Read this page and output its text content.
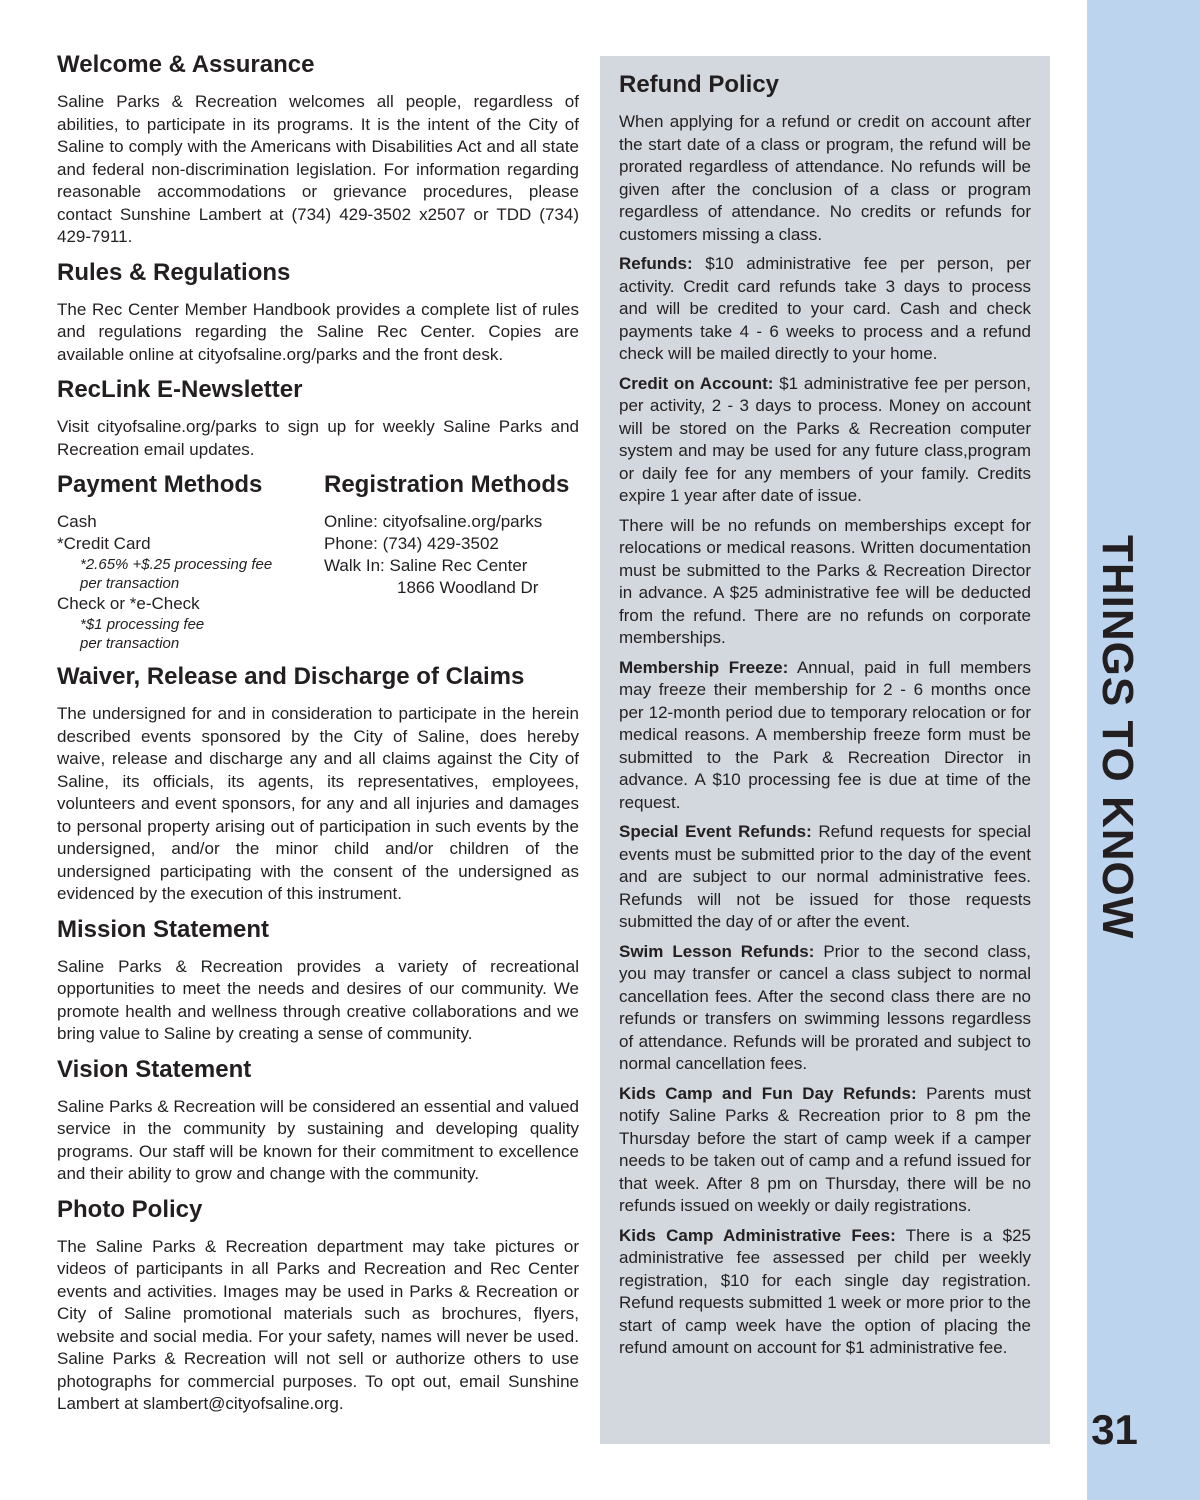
Welcome & Assurance

Saline Parks & Recreation welcomes all people, regardless of abilities, to participate in its programs. It is the intent of the City of Saline to comply with the Americans with Disabilities Act and all state and federal non-discrimination legislation. For information regarding reasonable accommodations or grievance procedures, please contact Sunshine Lambert at (734) 429-3502 x2507 or TDD (734) 429-7911.

Rules & Regulations

The Rec Center Member Handbook provides a complete list of rules and regulations regarding the Saline Rec Center. Copies are available online at cityofsaline.org/parks and the front desk.

RecLink E-Newsletter

Visit cityofsaline.org/parks to sign up for weekly Saline Parks and Recreation email updates.

Payment Methods
Cash
*Credit Card
*2.65% +$.25 processing fee
per transaction
Check or *e-Check
*$1 processing fee
per transaction
Registration Methods
Online: cityofsaline.org/parks
Phone: (734) 429-3502
Walk In: Saline Rec Center
1866 Woodland Dr
Waiver, Release and Discharge of Claims

The undersigned for and in consideration to participate in the herein described events sponsored by the City of Saline, does hereby waive, release and discharge any and all claims against the City of Saline, its officials, its agents, its representatives, employees, volunteers and event sponsors, for any and all injuries and damages to personal property arising out of participation in such events by the undersigned, and/or the minor child and/or children of the undersigned participating with the consent of the undersigned as evidenced by the execution of this instrument.

Mission Statement

Saline Parks & Recreation provides a variety of recreational opportunities to meet the needs and desires of our community. We promote health and wellness through creative collaborations and we bring value to Saline by creating a sense of community.

Vision Statement

Saline Parks & Recreation will be considered an essential and valued service in the community by sustaining and developing quality programs. Our staff will be known for their commitment to excellence and their ability to grow and change with the community.

Photo Policy

The Saline Parks & Recreation department may take pictures or videos of participants in all Parks and Recreation and Rec Center events and activities. Images may be used in Parks & Recreation or City of Saline promotional materials such as brochures, flyers, website and social media. For your safety, names will never be used. Saline Parks & Recreation will not sell or authorize others to use photographs for commercial purposes. To opt out, email Sunshine Lambert at slambert@cityofsaline.org.

Refund Policy

When applying for a refund or credit on account after the start date of a class or program, the refund will be prorated regardless of attendance. No refunds will be given after the conclusion of a class or program regardless of attendance. No credits or refunds for customers missing a class.

Refunds: $10 administrative fee per person, per activity. Credit card refunds take 3 days to process and will be credited to your card. Cash and check payments take 4 - 6 weeks to process and a refund check will be mailed directly to your home.

Credit on Account: $1 administrative fee per person, per activity, 2 - 3 days to process. Money on account will be stored on the Parks & Recreation computer system and may be used for any future class,program or daily fee for any members of your family. Credits expire 1 year after date of issue.

There will be no refunds on memberships except for relocations or medical reasons. Written documentation must be submitted to the Parks & Recreation Director in advance. A $25 administrative fee will be deducted from the refund. There are no refunds on corporate memberships.

Membership Freeze: Annual, paid in full members may freeze their membership for 2 - 6 months once per 12-month period due to temporary relocation or for medical reasons. A membership freeze form must be submitted to the Park & Recreation Director in advance. A $10 processing fee is due at time of the request.

Special Event Refunds: Refund requests for special events must be submitted prior to the day of the event and are subject to our normal administrative fees. Refunds will not be issued for those requests submitted the day of or after the event.

Swim Lesson Refunds: Prior to the second class, you may transfer or cancel a class subject to normal cancellation fees. After the second class there are no refunds or transfers on swimming lessons regardless of attendance. Refunds will be prorated and subject to normal cancellation fees.

Kids Camp and Fun Day Refunds: Parents must notify Saline Parks & Recreation prior to 8 pm the Thursday before the start of camp week if a camper needs to be taken out of camp and a refund issued for that week. After 8 pm on Thursday, there will be no refunds issued on weekly or daily registrations.

Kids Camp Administrative Fees: There is a $25 administrative fee assessed per child per weekly registration, $10 for each single day registration. Refund requests submitted 1 week or more prior to the start of camp week have the option of placing the refund amount on account for $1 administrative fee.

THINGS TO KNOW
31
